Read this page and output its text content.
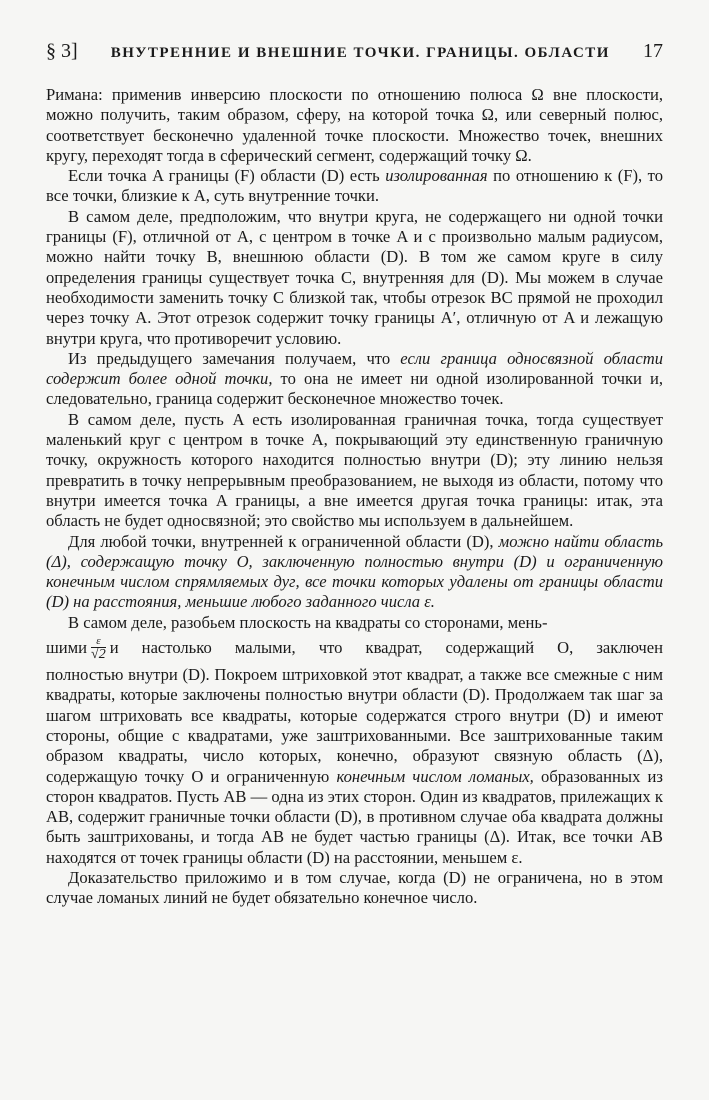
§ 3] ВНУТРЕННИЕ И ВНЕШНИЕ ТОЧКИ. ГРАНИЦЫ. ОБЛАСТИ 17

Римана: применив инверсию плоскости по отношению полюса Ω вне плоскости, можно получить, таким образом, сферу, на которой точка Ω, или северный полюс, соответствует бесконечно удаленной точке плоскости. Множество точек, внешних кругу, переходят тогда в сферический сегмент, содержащий точку Ω.

Если точка A границы (F) области (D) есть изолированная по отношению к (F), то все точки, близкие к A, суть внутренние точки.

В самом деле, предположим, что внутри круга, не содержащего ни одной точки границы (F), отличной от A, с центром в точке A и с произвольно малым радиусом, можно найти точку B, внешнюю области (D). В том же самом круге в силу определения границы существует точка C, внутренняя для (D). Мы можем в случае необходимости заменить точку C близкой так, чтобы отрезок BC прямой не проходил через точку A. Этот отрезок содержит точку границы A′, отличную от A и лежащую внутри круга, что противоречит условию.

Из предыдущего замечания получаем, что если граница односвязной области содержит более одной точки, то она не имеет ни одной изолированной точки и, следовательно, граница содержит бесконечное множество точек.

В самом деле, пусть A есть изолированная граничная точка, тогда существует маленький круг с центром в точке A, покрывающий эту единственную граничную точку, окружность которого находится полностью внутри (D); эту линию нельзя превратить в точку непрерывным преобразованием, не выходя из области, потому что внутри имеется точка A границы, а вне имеется другая точка границы: итак, эта область не будет односвязной; это свойство мы используем в дальнейшем.

Для любой точки, внутренней к ограниченной области (D), можно найти область (Δ), содержащую точку O, заключенную полностью внутри (D) и ограниченную конечным числом спрямляемых дуг, все точки которых удалены от границы области (D) на расстояния, меньшие любого заданного числа ε.

В самом деле, разобьем плоскость на квадраты со сторонами, мень-

шими $\frac{\varepsilon}{√2}$ и настолько малыми, что квадрат, содержащий O, заключен

полностью внутри (D). Покроем штриховкой этот квадрат, а также все смежные с ним квадраты, которые заключены полностью внутри области (D). Продолжаем так шаг за шагом штриховать все квадраты, которые содержатся строго внутри (D) и имеют стороны, общие с квадратами, уже заштрихованными. Все заштрихованные таким образом квадраты, число которых, конечно, образуют связную область (Δ), содержащую точку O и ограниченную конечным числом ломаных, образованных из сторон квадратов. Пусть AB — одна из этих сторон. Один из квадратов, прилежащих к AB, содержит граничные точки области (D), в противном случае оба квадрата должны быть заштрихованы, и тогда AB не будет частью границы (Δ). Итак, все точки AB находятся от точек границы области (D) на расстоянии, меньшем ε.

Доказательство приложимо и в том случае, когда (D) не ограничена, но в этом случае ломаных линий не будет обязательно конечное число.
